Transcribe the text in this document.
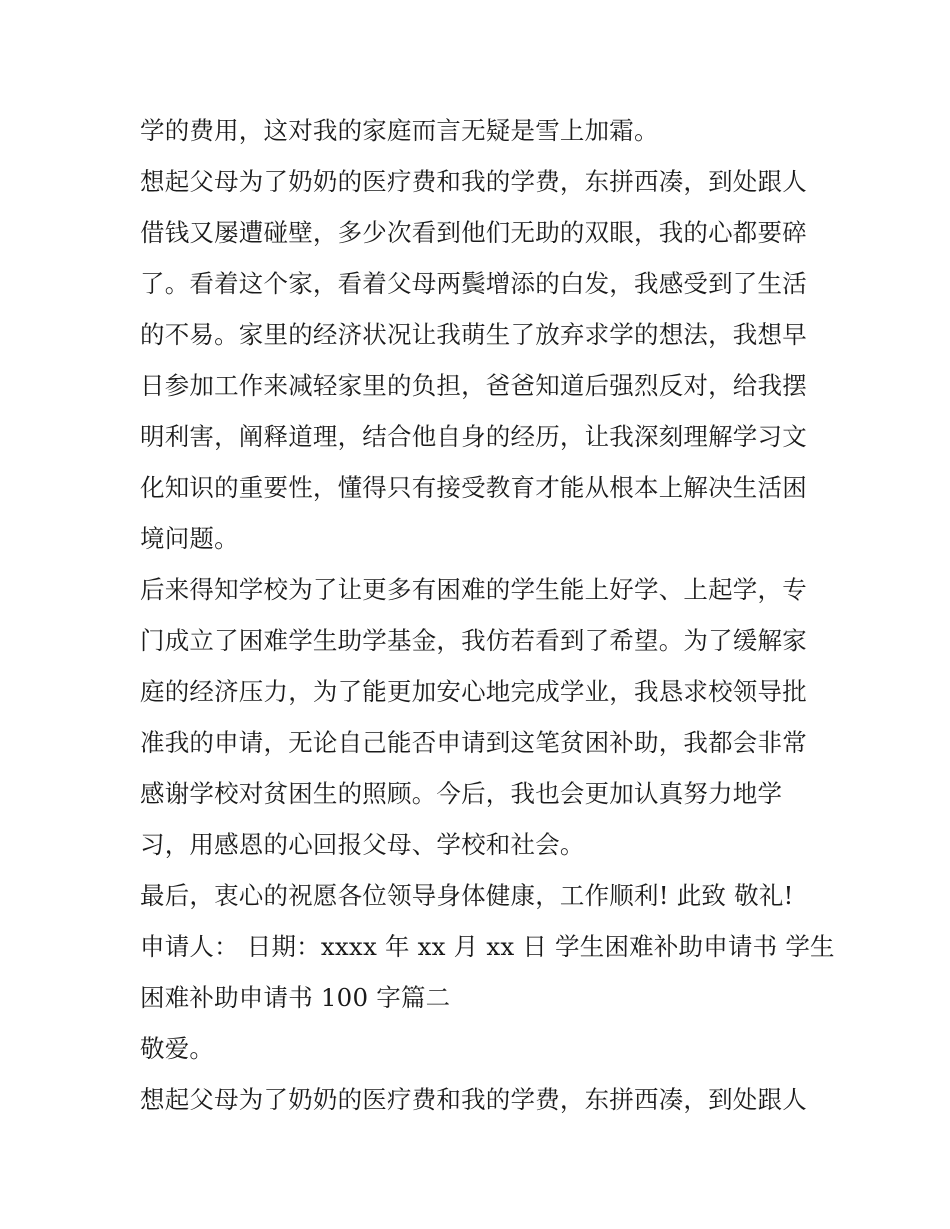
学的费用，这对我的家庭而言无疑是雪上加霜。

想起父母为了奶奶的医疗费和我的学费，东拼西凑，到处跟人

借钱又屡遭碰壁，多少次看到他们无助的双眼，我的心都要碎

了。看着这个家，看着父母两鬓增添的白发，我感受到了生活

的不易。家里的经济状况让我萌生了放弃求学的想法，我想早

日参加工作来减轻家里的负担，爸爸知道后强烈反对，给我摆

明利害，阐释道理，结合他自身的经历，让我深刻理解学习文

化知识的重要性，懂得只有接受教育才能从根本上解决生活困

境问题。

后来得知学校为了让更多有困难的学生能上好学、上起学，专

门成立了困难学生助学基金，我仿若看到了希望。为了缓解家

庭的经济压力，为了能更加安心地完成学业，我恳求校领导批

准我的申请，无论自己能否申请到这笔贫困补助，我都会非常

感谢学校对贫困生的照顾。今后，我也会更加认真努力地学

习，用感恩的心回报父母、学校和社会。

最后，衷心的祝愿各位领导身体健康，工作顺利! 此致 敬礼!

申请人： 日期：xxxx 年 xx 月 xx 日 学生困难补助申请书 学生

困难补助申请书 100 字篇二

敬爱。

想起父母为了奶奶的医疗费和我的学费，东拼西凑，到处跟人
